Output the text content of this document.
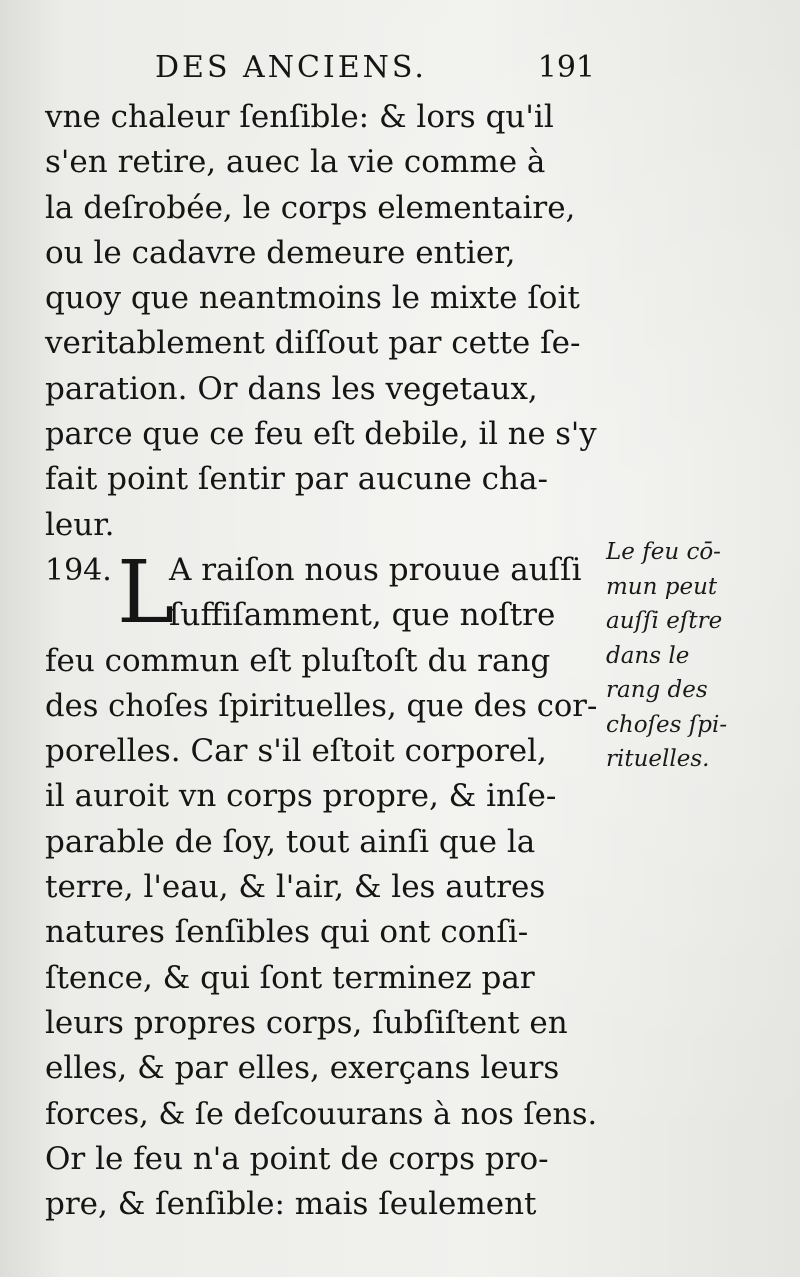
DES ANCIENS.	191
vne chaleur ſenſible: & lors qu'il
s'en retire, auec la vie comme à
la deſrobée, le corps elementaire,
ou le cadavre demeure entier,
quoy que neantmoins le mixte ſoit
veritablement diſſout par cette ſe-
paration. Or dans les vegetaux,
parce que ce feu eſt debile, il ne s'y
fait point ſentir par aucune cha-
leur.
194. L
A raiſon nous prouue auſſi
ſuffiſamment, que noſtre
feu commun eſt pluſtoſt du rang
des choſes ſpirituelles, que des cor-
porelles. Car s'il eſtoit corporel,
il auroit vn corps propre, & inſe-
parable de ſoy, tout ainſi que la
terre, l'eau, & l'air, & les autres
natures ſenſibles qui ont conſi-
ſtence, & qui ſont terminez par
leurs propres corps, ſubſiſtent en
elles, & par elles, exerçans leurs
forces, & ſe deſcouurans à nos ſens.
Or le feu n'a point de corps pro-
pre, & ſenſible: mais ſeulement
Le feu cō-
mun peut
auſſi eſtre
dans le
rang des
choſes ſpi-
rituelles.
